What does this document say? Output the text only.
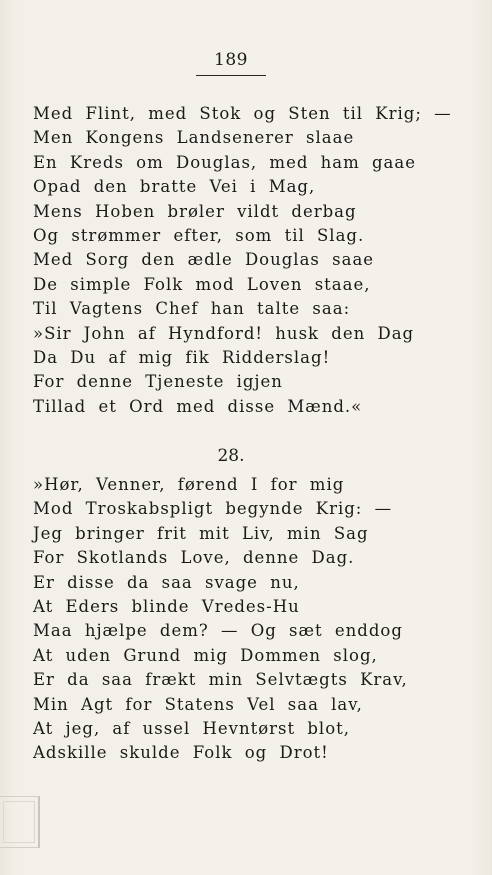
189
Med Flint, med Stok og Sten til Krig; —
Men Kongens Landsenerer slaae
En Kreds om Douglas, med ham gaae
Opad den bratte Vei i Mag,
Mens Hoben brøler vildt derbag
Og strømmer efter, som til Slag.
Med Sorg den ædle Douglas saae
De simple Folk mod Loven staae,
Til Vagtens Chef han talte saa:
»Sir John af Hyndford! husk den Dag
Da Du af mig fik Ridderslag!
For denne Tjeneste igjen
Tillad et Ord med disse Mænd.«
28.
»Hør, Venner, førend I for mig
Mod Troskabspligt begynde Krig: —
Jeg bringer frit mit Liv, min Sag
For Skotlands Love, denne Dag.
Er disse da saa svage nu,
At Eders blinde Vredes-Hu
Maa hjælpe dem? — Og sæt enddog
At uden Grund mig Dommen slog,
Er da saa frækt min Selvtægts Krav,
Min Agt for Statens Vel saa lav,
At jeg, af ussel Hevntørst blot,
Adskille skulde Folk og Drot!
